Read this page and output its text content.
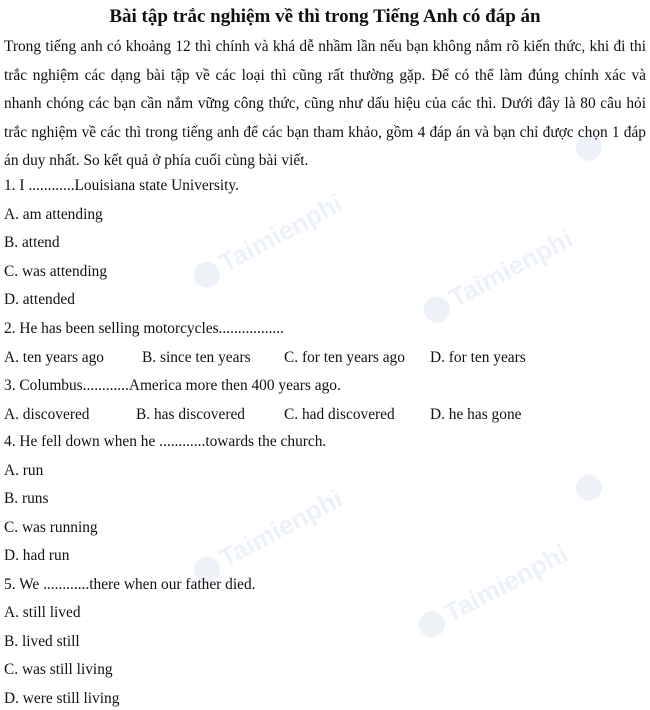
Taimienphi	Taimienphi
Taimienphi
Taimienphi
Bài tập trắc nghiệm về thì trong Tiếng Anh có đáp án
Trong tiếng anh có khoảng 12 thì chính và khá dễ nhầm lần nếu bạn không nắm rõ kiến thức, khi đi thi trắc nghiệm các dạng bài tập về các loại thì cũng rất thường gặp. Để có thể làm đúng chính xác và nhanh chóng các bạn cần nắm vững công thức, cũng như dấu hiệu của các thì. Dưới đây là 80 câu hỏi trắc nghiệm về các thì trong tiếng anh để các bạn tham khảo, gồm 4 đáp án và bạn chỉ được chọn 1 đáp án duy nhất. So kết quả ở phía cuối cùng bài viết.
1. I ............Louisiana state University.
A. am attending
B. attend
C. was attending
D. attended
2. He has been selling motorcycles.................
A. ten years ago B. since ten years C. for ten years ago D. for ten years
3. Columbus............America more then 400 years ago.
A. discovered	B. has discovered	C. had discovered D. he has gone
4. He fell down when he ............towards the church.
A. run
B. runs
C. was running
D. had run
5. We ............there when our father died.
A. still lived
B. lived still
C. was still living
D. were still living
